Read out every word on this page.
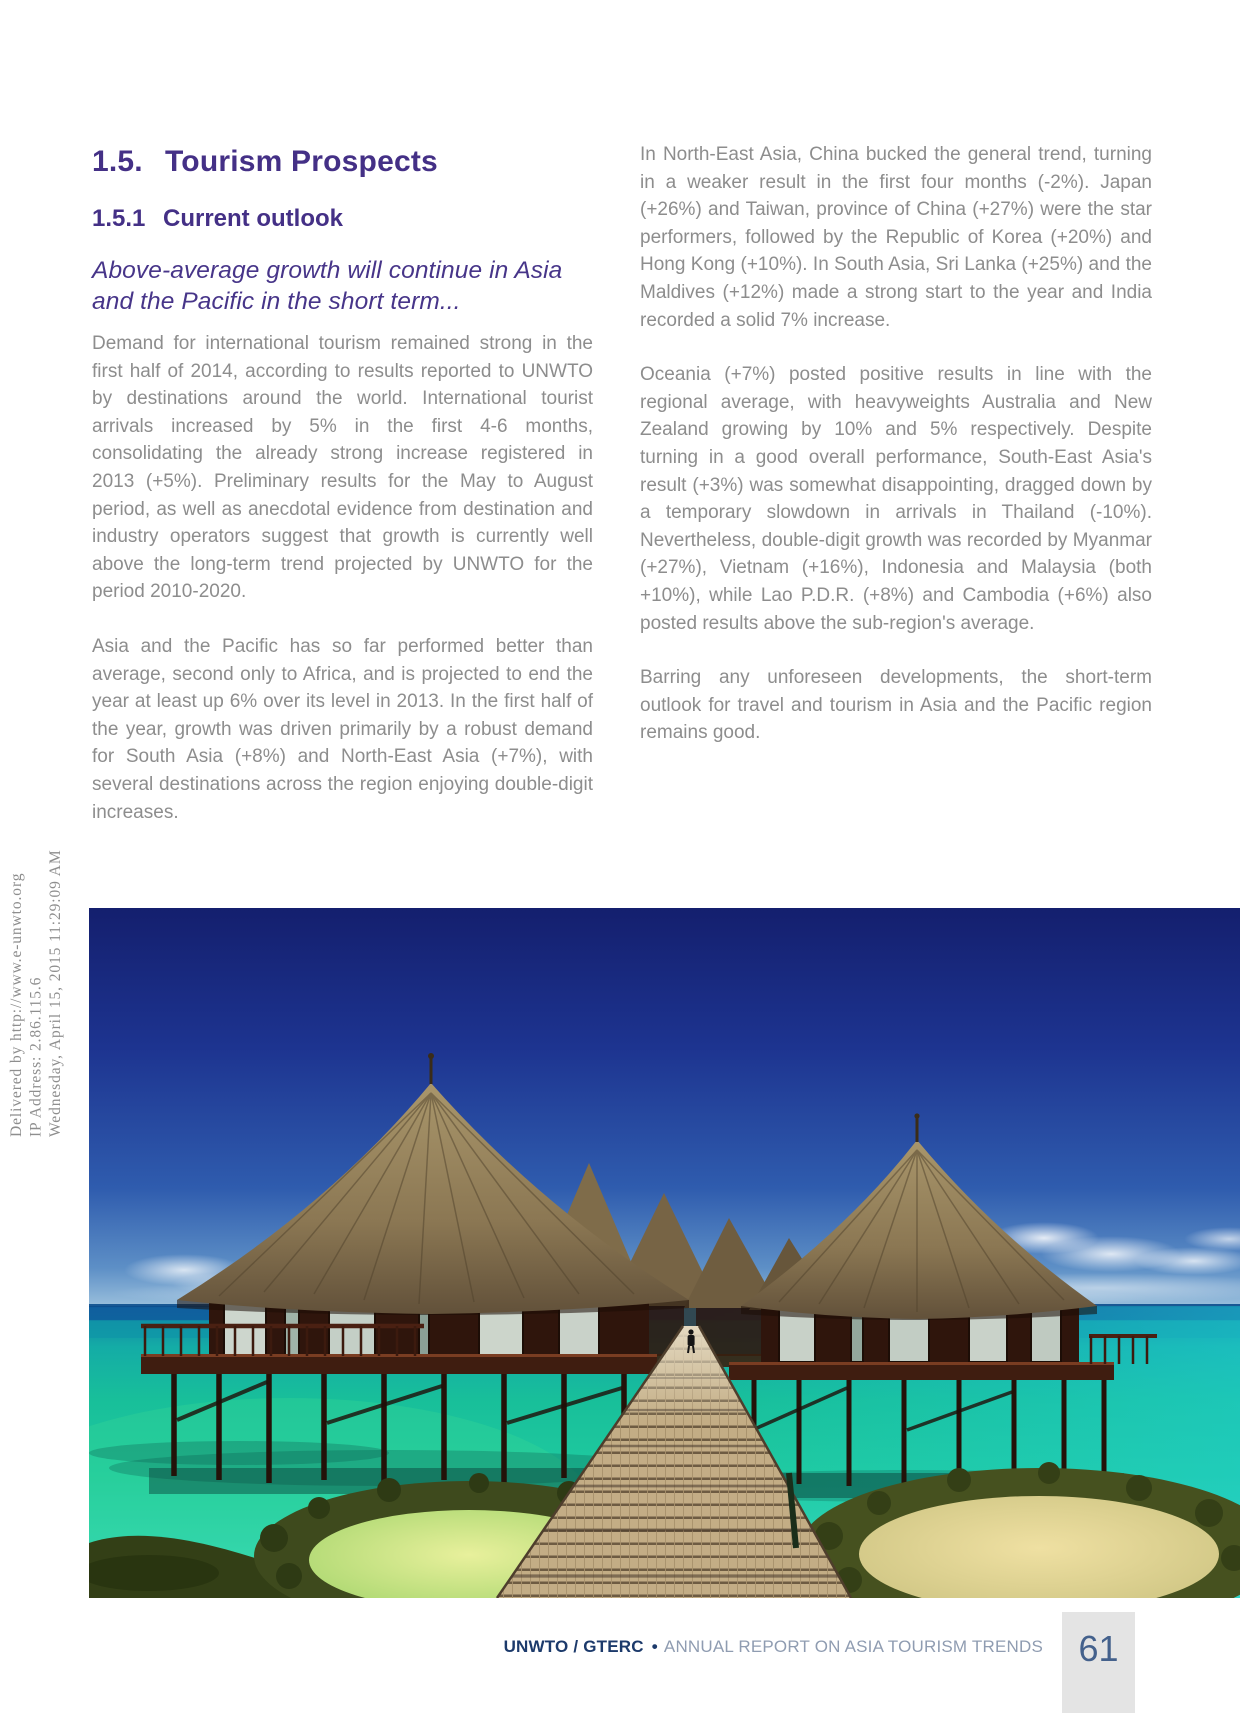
1.5. Tourism Prospects
1.5.1 Current outlook
Above-average growth will continue in Asia and the Pacific in the short term...

Demand for international tourism remained strong in the first half of 2014, according to results reported to UNWTO by destinations around the world. International tourist arrivals increased by 5% in the first 4-6 months, consolidating the already strong increase registered in 2013 (+5%). Preliminary results for the May to August period, as well as anecdotal evidence from destination and industry operators suggest that growth is currently well above the long-term trend projected by UNWTO for the period 2010-2020.

Asia and the Pacific has so far performed better than average, second only to Africa, and is projected to end the year at least up 6% over its level in 2013. In the first half of the year, growth was driven primarily by a robust demand for South Asia (+8%) and North-East Asia (+7%), with several destinations across the region enjoying double-digit increases.

In North-East Asia, China bucked the general trend, turning in a weaker result in the first four months (-2%). Japan (+26%) and Taiwan, province of China (+27%) were the star performers, followed by the Republic of Korea (+20%) and Hong Kong (+10%). In South Asia, Sri Lanka (+25%) and the Maldives (+12%) made a strong start to the year and India recorded a solid 7% increase.

Oceania (+7%) posted positive results in line with the regional average, with heavyweights Australia and New Zealand growing by 10% and 5% respectively. Despite turning in a good overall performance, South-East Asia's result (+3%) was somewhat disappointing, dragged down by a temporary slowdown in arrivals in Thailand (-10%). Nevertheless, double-digit growth was recorded by Myanmar (+27%), Vietnam (+16%), Indonesia and Malaysia (both +10%), while Lao P.D.R. (+8%) and Cambodia (+6%) also posted results above the sub-region's average.

Barring any unforeseen developments, the short-term outlook for travel and tourism in Asia and the Pacific region remains good.

Delivered by http://www.e-unwto.org IP Address: 2.86.115.6 Wednesday, April 15, 2015 11:29:09 AM
UNWTO / GTERC • ANNUAL REPORT ON ASIA TOURISM TRENDS 61
